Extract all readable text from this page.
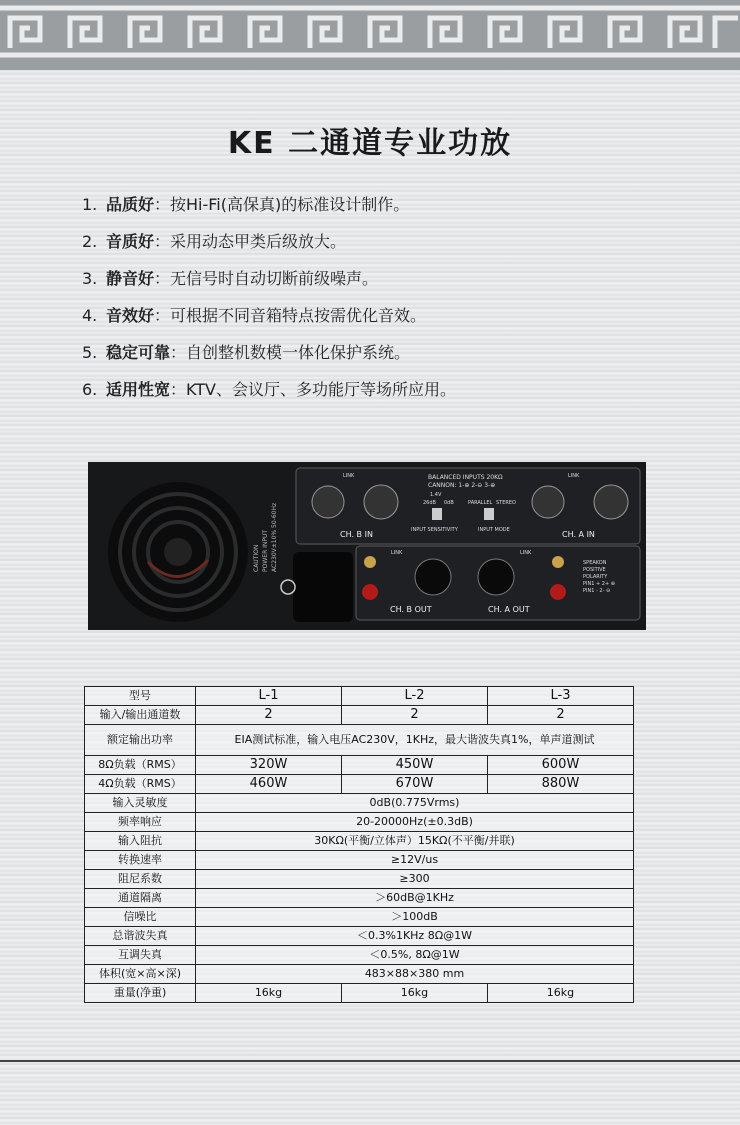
KE 二通道专业功放
1. 品质好：按Hi-Fi(高保真)的标准设计制作。
2. 音质好：采用动态甲类后级放大。
3. 静音好：无信号时自动切断前级噪声。
4. 音效好：可根据不同音箱特点按需优化音效。
5. 稳定可靠：自创整机数模一体化保护系统。
6. 适用性宽：KTV、会议厅、多功能厅等场所应用。
CAUTION POWER INPUT AC230V±10% 50-60Hz
BALANCED INPUTS 20KΩ
CANNON: 1-⊕ 2-⊖ 3-⊕
LINK	LINK
CH. B IN	CH. A IN
1.4V
26dB 0dB
INPUT SENSITIVITY
PARALLEL STEREO
INPUT MODE
LINK	LINK
CH. B OUT	CH. A OUT
SPEAKON
POSITIVE
POLARITY
PIN1 + 2+ ⊕
PIN1 - 2- ⊖
型号	L-1	L-2	L-3
输入/输出通道数	2	2	2
额定输出功率	EIA测试标准，输入电压AC230V，1KHz，最大谐波失真1%，单声道测试		
8Ω负载（RMS）	320W	450W	600W
4Ω负载（RMS）	460W	670W	880W
输入灵敏度	0dB(0.775Vrms)		
频率响应	20-20000Hz(±0.3dB)		
输入阻抗	30KΩ(平衡/立体声）15KΩ(不平衡/并联)		
转换速率	≥12V/us		
阻尼系数	≥300		
通道隔离	＞60dB@1KHz		
信噪比	＞100dB		
总谐波失真	＜0.3%1KHz 8Ω@1W		
互调失真	＜0.5%, 8Ω@1W		
体积(宽×高×深)	483×88×380 mm		
重量(净重)	16kg	16kg	16kg
